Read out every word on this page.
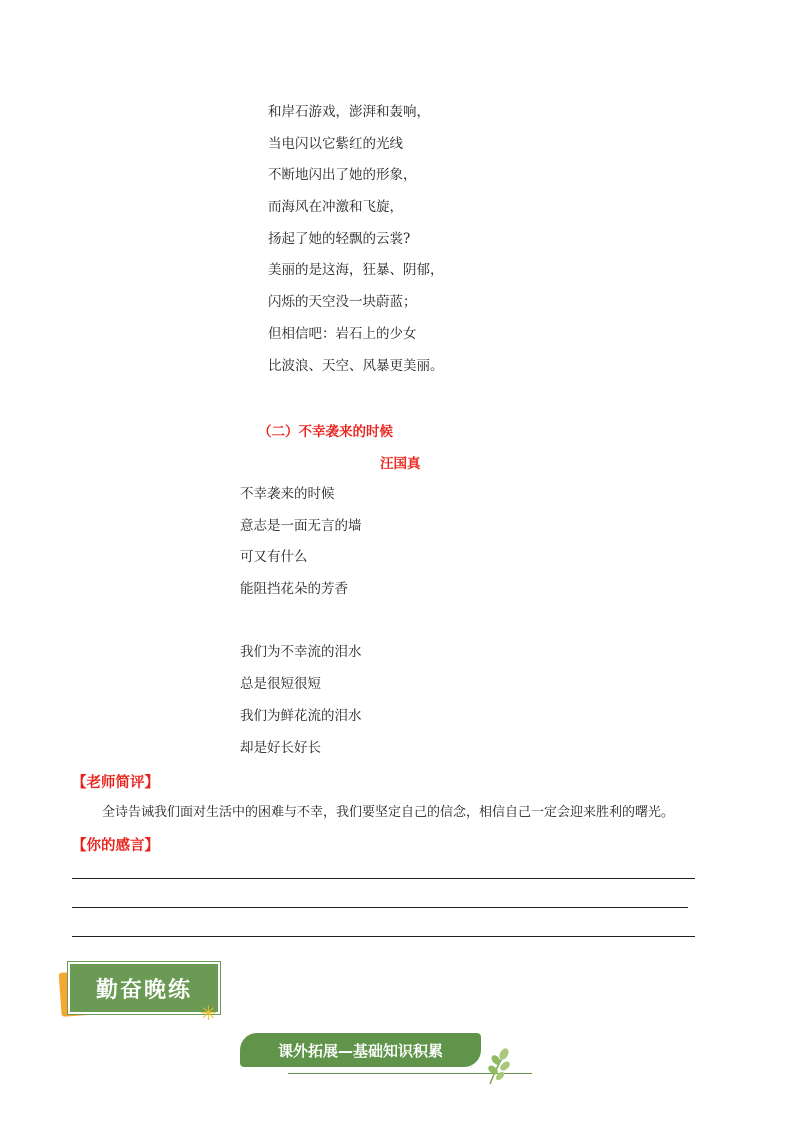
和岸石游戏，澎湃和轰响，
当电闪以它紫红的光线
不断地闪出了她的形象，
而海风在冲激和飞旋，
扬起了她的轻飘的云裳?
美丽的是这海，狂暴、阴郁，
闪烁的天空没一块蔚蓝；
但相信吧：岩石上的少女
比波浪、天空、风暴更美丽。
（二）不幸袭来的时候
汪国真
不幸袭来的时候
意志是一面无言的墙
可又有什么
能阻挡花朵的芳香
我们为不幸流的泪水
总是很短很短
我们为鲜花流的泪水
却是好长好长
【老师简评】
全诗告诫我们面对生活中的困难与不幸，我们要坚定自己的信念，相信自己一定会迎来胜利的曙光。
【你的感言】
勤奋晚练
✳
课外拓展—基础知识积累
